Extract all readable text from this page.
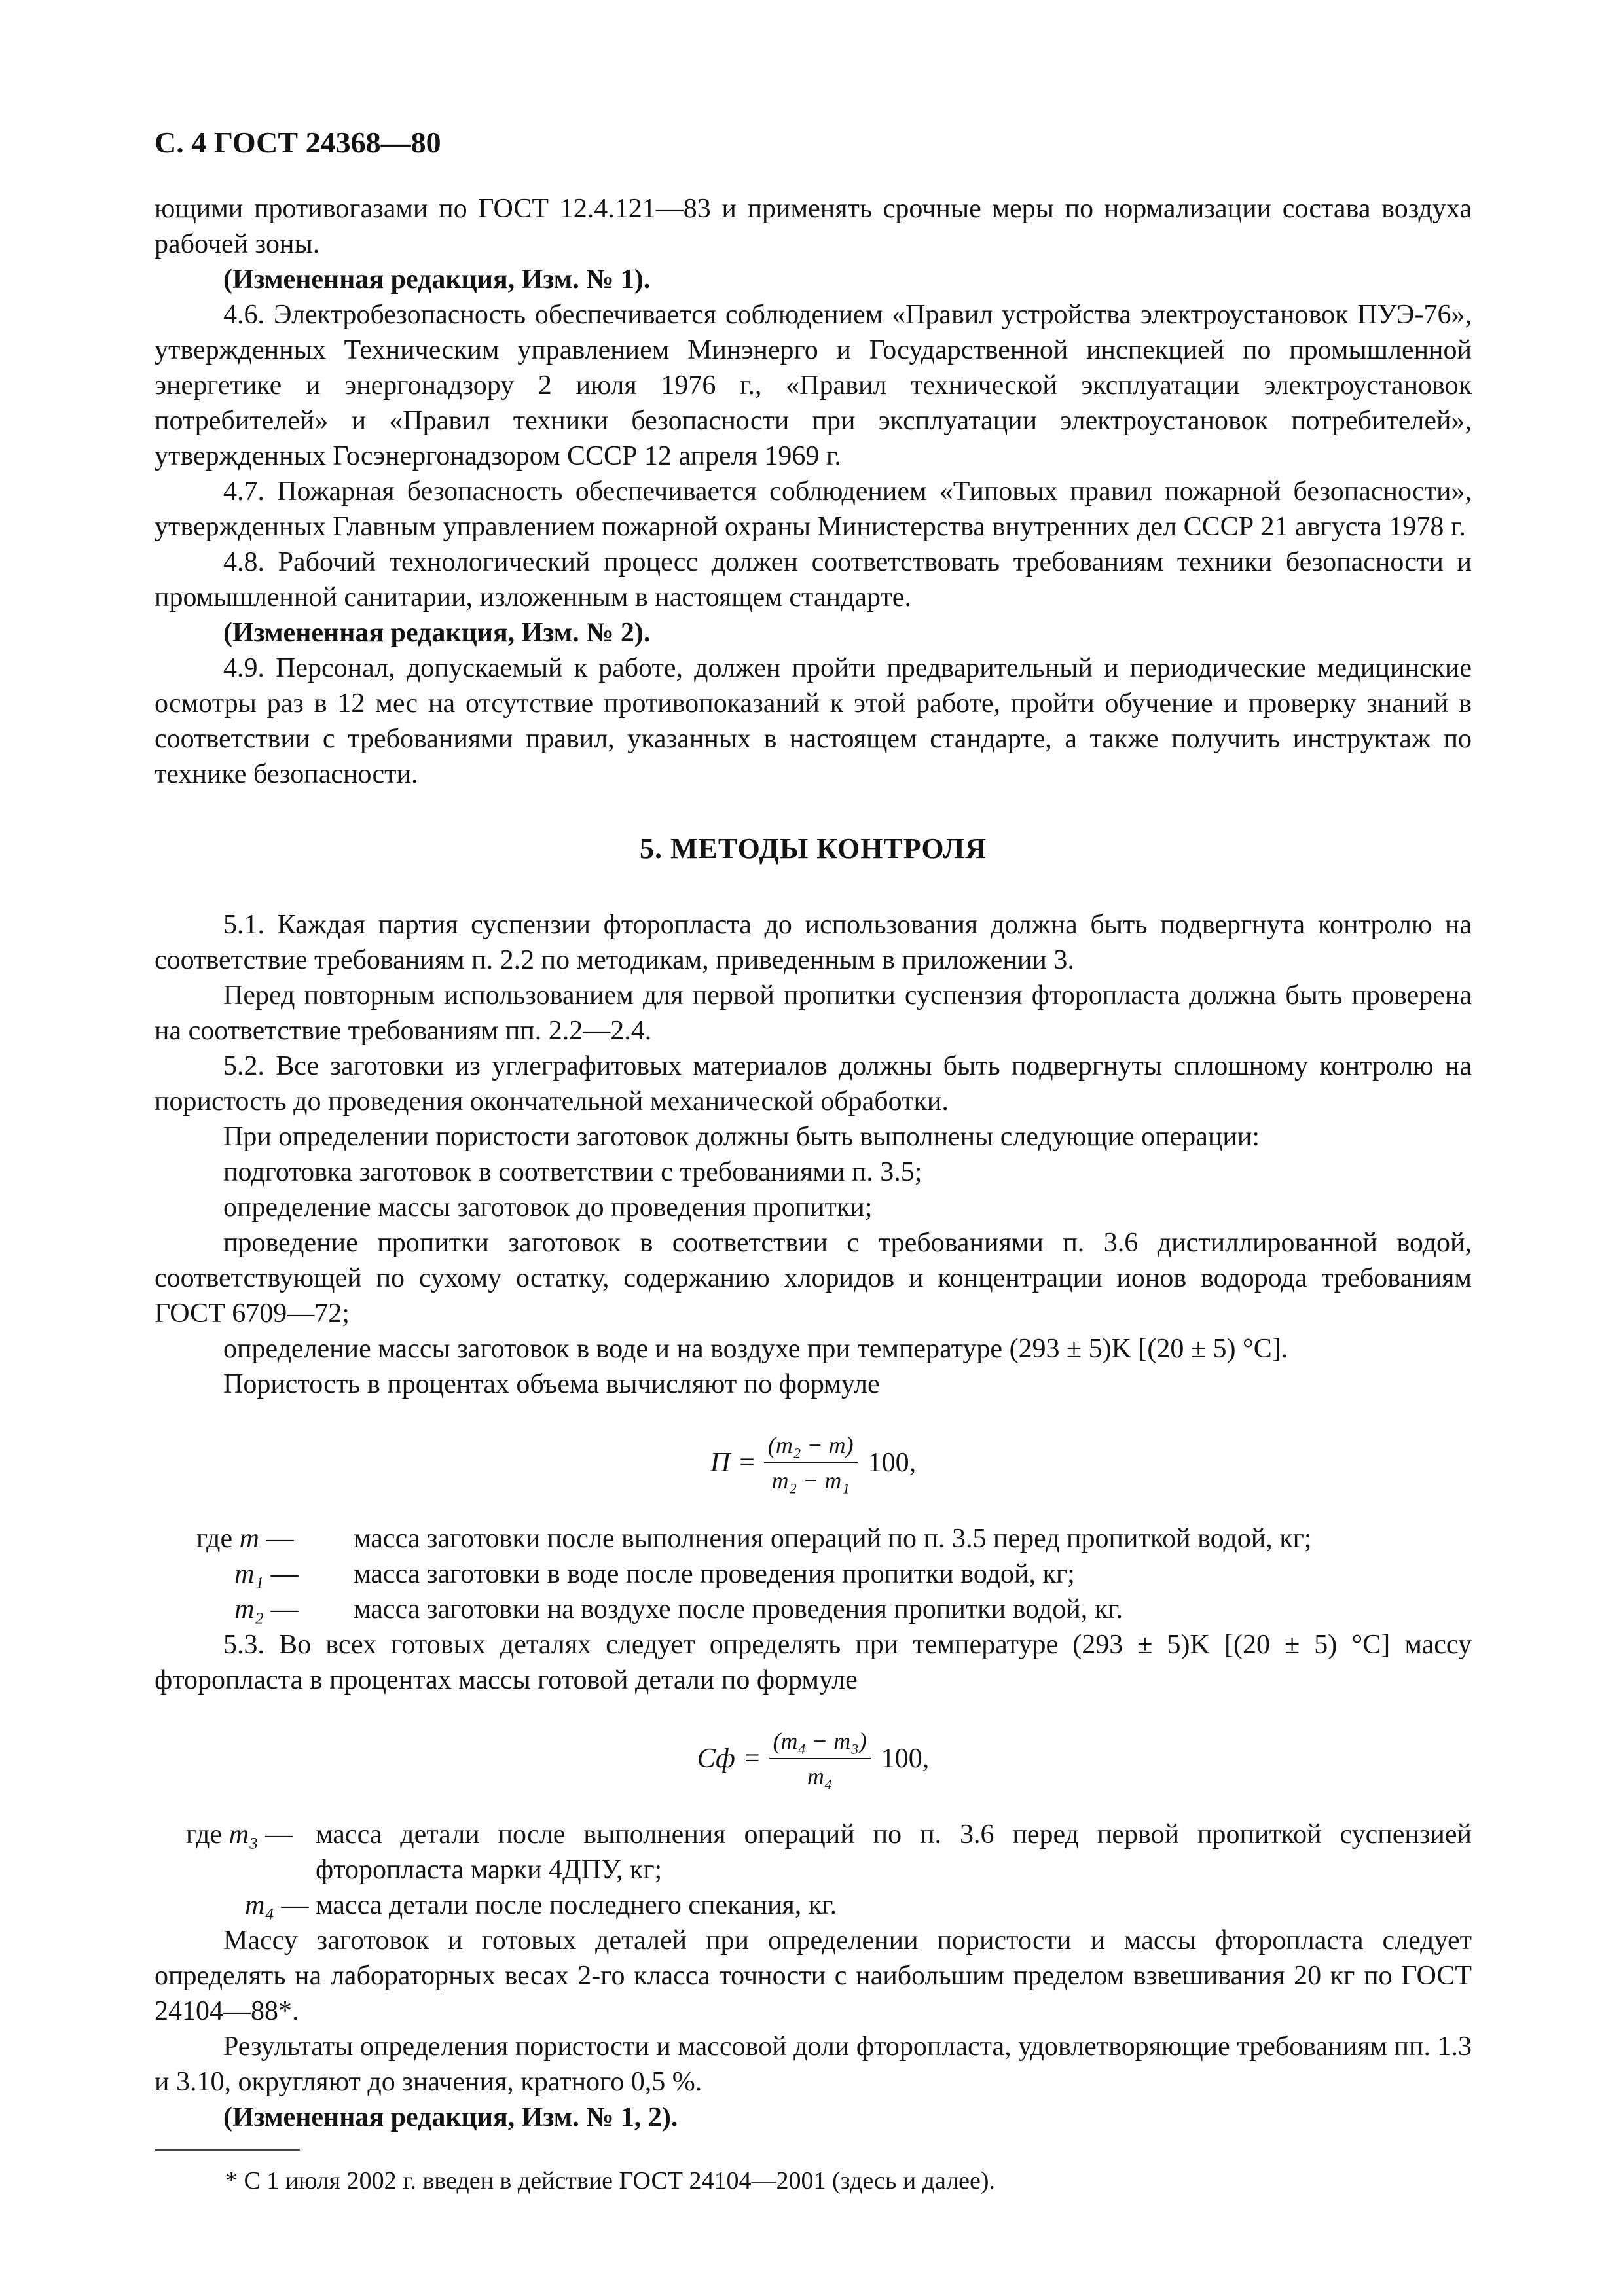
С. 4 ГОСТ 24368—80

ющими противогазами по ГОСТ 12.4.121—83 и применять срочные меры по нормализации состава воздуха рабочей зоны.

(Измененная редакция, Изм. № 1).

4.6. Электробезопасность обеспечивается соблюдением «Правил устройства электроустановок ПУЭ-76», утвержденных Техническим управлением Минэнерго и Государственной инспекцией по промышленной энергетике и энергонадзору 2 июля 1976 г., «Правил технической эксплуатации электроустановок потребителей» и «Правил техники безопасности при эксплуатации электроустановок потребителей», утвержденных Госэнергонадзором СССР 12 апреля 1969 г.

4.7. Пожарная безопасность обеспечивается соблюдением «Типовых правил пожарной безопасности», утвержденных Главным управлением пожарной охраны Министерства внутренних дел СССР 21 августа 1978 г.

4.8. Рабочий технологический процесс должен соответствовать требованиям техники безопасности и промышленной санитарии, изложенным в настоящем стандарте.

(Измененная редакция, Изм. № 2).

4.9. Персонал, допускаемый к работе, должен пройти предварительный и периодические медицинские осмотры раз в 12 мес на отсутствие противопоказаний к этой работе, пройти обучение и проверку знаний в соответствии с требованиями правил, указанных в настоящем стандарте, а также получить инструктаж по технике безопасности.

5. МЕТОДЫ КОНТРОЛЯ

5.1. Каждая партия суспензии фторопласта до использования должна быть подвергнута контролю на соответствие требованиям п. 2.2 по методикам, приведенным в приложении 3.

Перед повторным использованием для первой пропитки суспензия фторопласта должна быть проверена на соответствие требованиям пп. 2.2—2.4.

5.2. Все заготовки из углеграфитовых материалов должны быть подвергнуты сплошному контролю на пористость до проведения окончательной механической обработки.

При определении пористости заготовок должны быть выполнены следующие операции:

подготовка заготовок в соответствии с требованиями п. 3.5;

определение массы заготовок до проведения пропитки;

проведение пропитки заготовок в соответствии с требованиями п. 3.6 дистиллированной водой, соответствующей по сухому остатку, содержанию хлоридов и концентрации ионов водорода требованиям ГОСТ 6709—72;

определение массы заготовок в воде и на воздухе при температуре (293 ± 5)K [(20 ± 5) °C].

Пористость в процентах объема вычисляют по формуле

$П = \frac{\text{(m₂ − m)}}{\text{m₂ − m₁}} 100$,
где m —	масса заготовки после выполнения операций по п. 3.5 перед пропиткой водой, кг;
m₁ —	масса заготовки в воде после проведения пропитки водой, кг;
m₂ —	масса заготовки на воздухе после проведения пропитки водой, кг.

5.3. Во всех готовых деталях следует определять при температуре (293 ± 5)K [(20 ± 5) °C] массу фторопласта в процентах массы готовой детали по формуле

Сф = $\frac{\text{(m₄ − m₃)}}{\text{m₄}} 100$,
где m₃ — масса детали после выполнения операций по п. 3.6 перед первой пропиткой суспензией фторопласта марки 4ДПУ, кг;
m₄ — масса детали после последнего спекания, кг.

Массу заготовок и готовых деталей при определении пористости и массы фторопласта следует определять на лабораторных весах 2-го класса точности с наибольшим пределом взвешивания 20 кг по ГОСТ 24104—88*.

Результаты определения пористости и массовой доли фторопласта, удовлетворяющие требованиям пп. 1.3 и 3.10, округляют до значения, кратного 0,5 %.

(Измененная редакция, Изм. № 1, 2).

* С 1 июля 2002 г. введен в действие ГОСТ 24104—2001 (здесь и далее).
